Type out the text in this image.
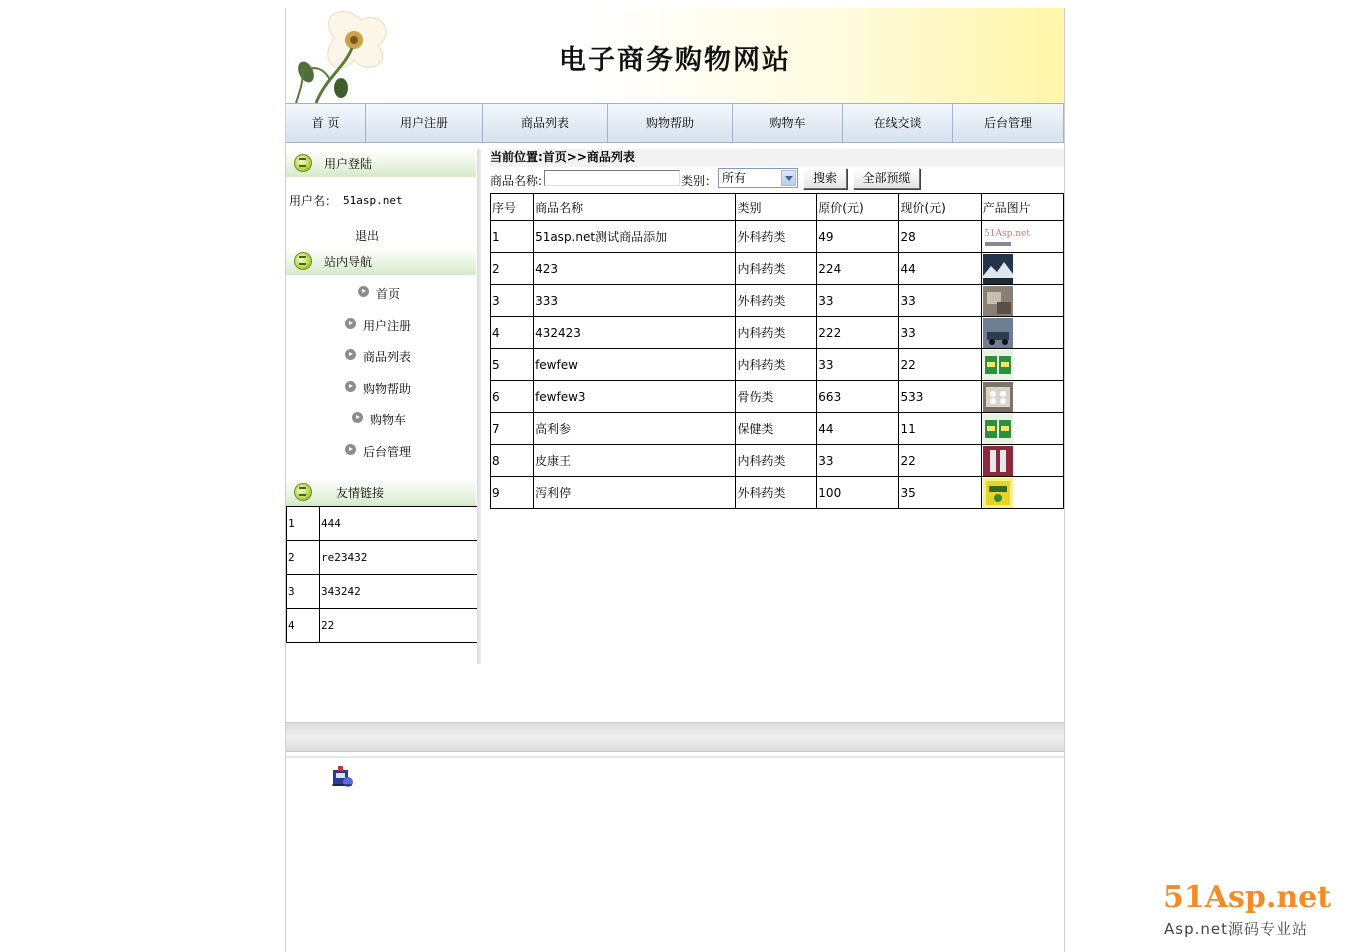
电子商务购物网站
首 页	用户注册	商品列表	购物帮助	购物车	在线交谈	后台管理
用户登陆
用户名： 51asp.net
退出
站内导航
首页
用户注册
商品列表
购物帮助
购物车
后台管理
友情链接
1	444
2	re23432
3	343242
4	22
当前位置:首页>>商品列表
商品名称:	类别： 所有	搜索	全部预缆
序号	商品名称	类别	原价(元)	现价(元)	产品图片
1	51asp.net测试商品添加	外科药类	49	28	51Asp.net

2	423	内科药类	224	44	

3	333	外科药类	33	33	

4	432423	内科药类	222	33	

5	fewfew	内科药类	33	22	

6	fewfew3	骨伤类	663	533	

7	高利参	保健类	44	11	

8	皮康王	内科药类	33	22	

9	泻利停	外科药类	100	35	
51Asp.net
Asp.net源码专业站
